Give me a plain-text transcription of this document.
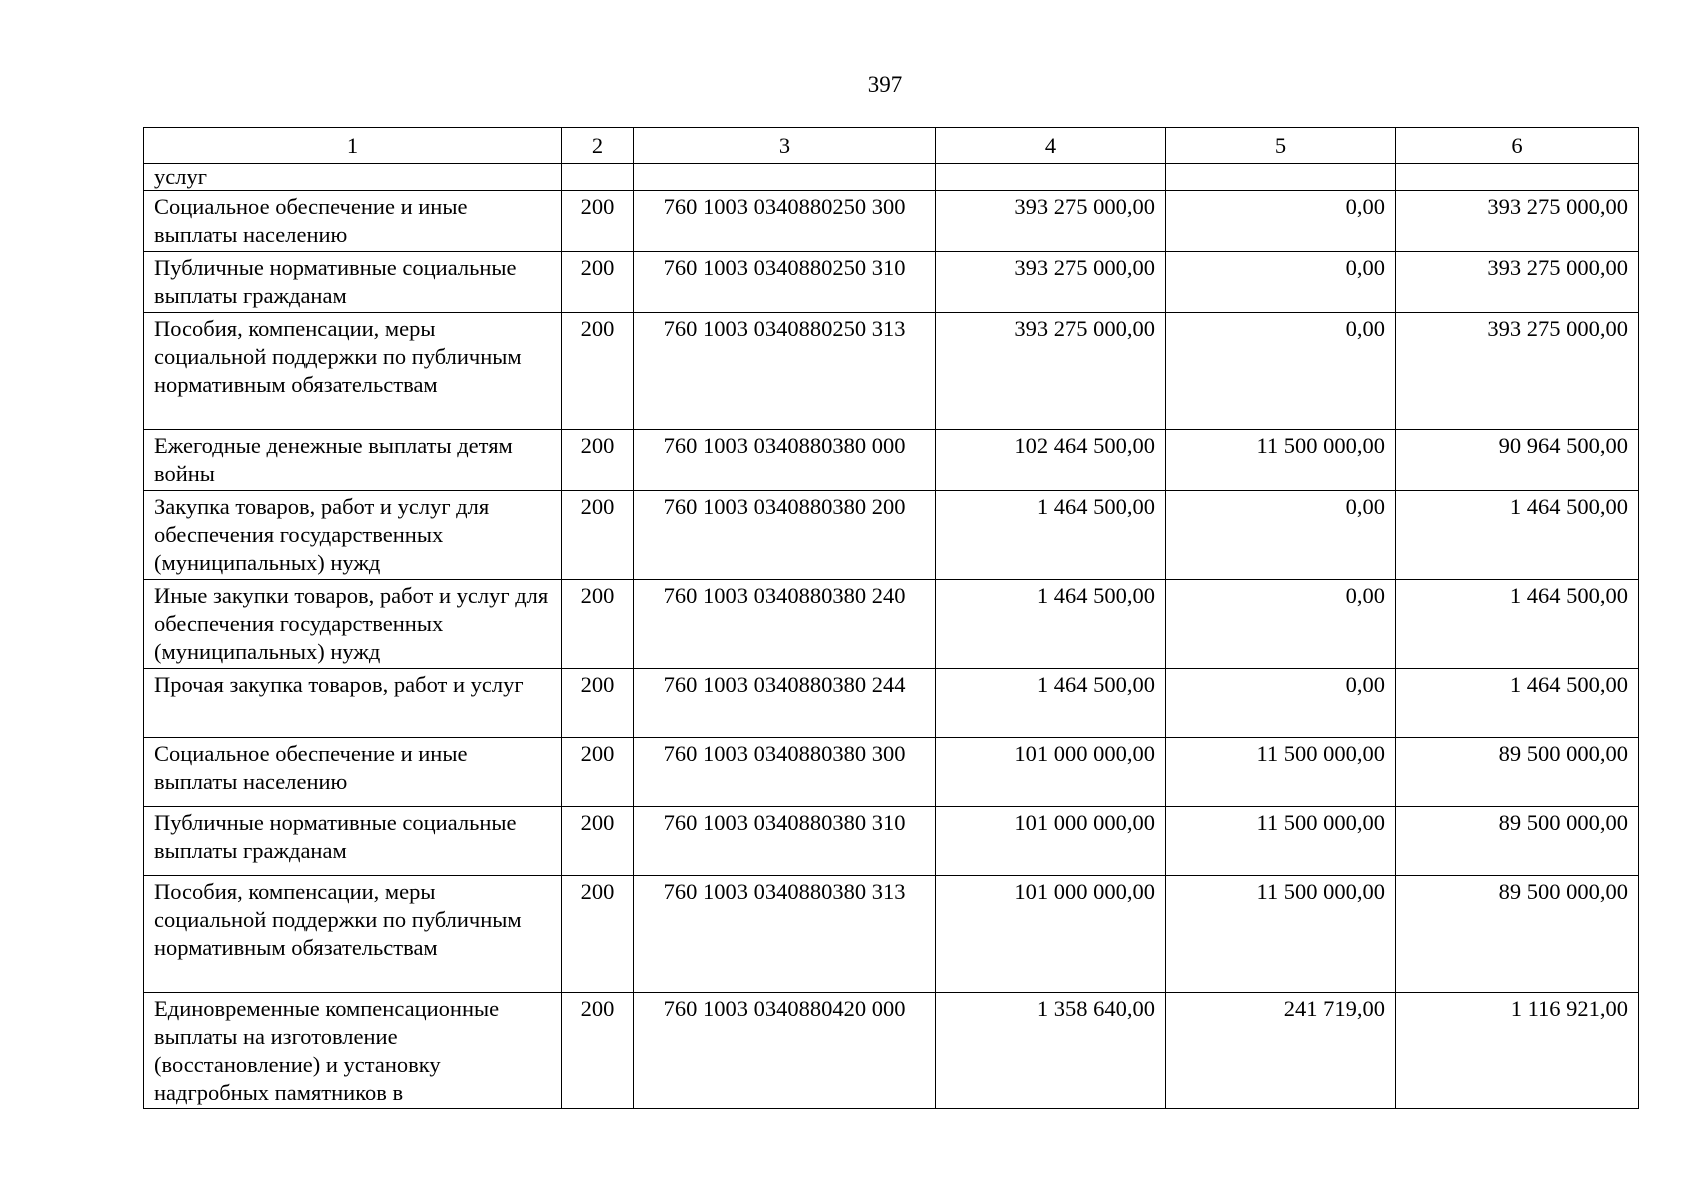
397
1	2	3	4	5	6
услуг					
Социальное обеспечение и иные выплаты населению	200	760 1003 0340880250 300	393 275 000,00	0,00	393 275 000,00
Публичные нормативные социальные выплаты гражданам	200	760 1003 0340880250 310	393 275 000,00	0,00	393 275 000,00
Пособия, компенсации, меры социальной поддержки по публичным нормативным обязательствам	200	760 1003 0340880250 313	393 275 000,00	0,00	393 275 000,00
Ежегодные денежные выплаты детям войны	200	760 1003 0340880380 000	102 464 500,00	11 500 000,00	90 964 500,00
Закупка товаров, работ и услуг для обеспечения государственных (муниципальных) нужд	200	760 1003 0340880380 200	1 464 500,00	0,00	1 464 500,00
Иные закупки товаров, работ и услуг для обеспечения государственных (муниципальных) нужд	200	760 1003 0340880380 240	1 464 500,00	0,00	1 464 500,00
Прочая закупка товаров, работ и услуг	200	760 1003 0340880380 244	1 464 500,00	0,00	1 464 500,00
Социальное обеспечение и иные выплаты населению	200	760 1003 0340880380 300	101 000 000,00	11 500 000,00	89 500 000,00
Публичные нормативные социальные выплаты гражданам	200	760 1003 0340880380 310	101 000 000,00	11 500 000,00	89 500 000,00
Пособия, компенсации, меры социальной поддержки по публичным нормативным обязательствам	200	760 1003 0340880380 313	101 000 000,00	11 500 000,00	89 500 000,00
Единовременные компенсационные выплаты на изготовление (восстановление) и установку надгробных памятников в	200	760 1003 0340880420 000	1 358 640,00	241 719,00	1 116 921,00
